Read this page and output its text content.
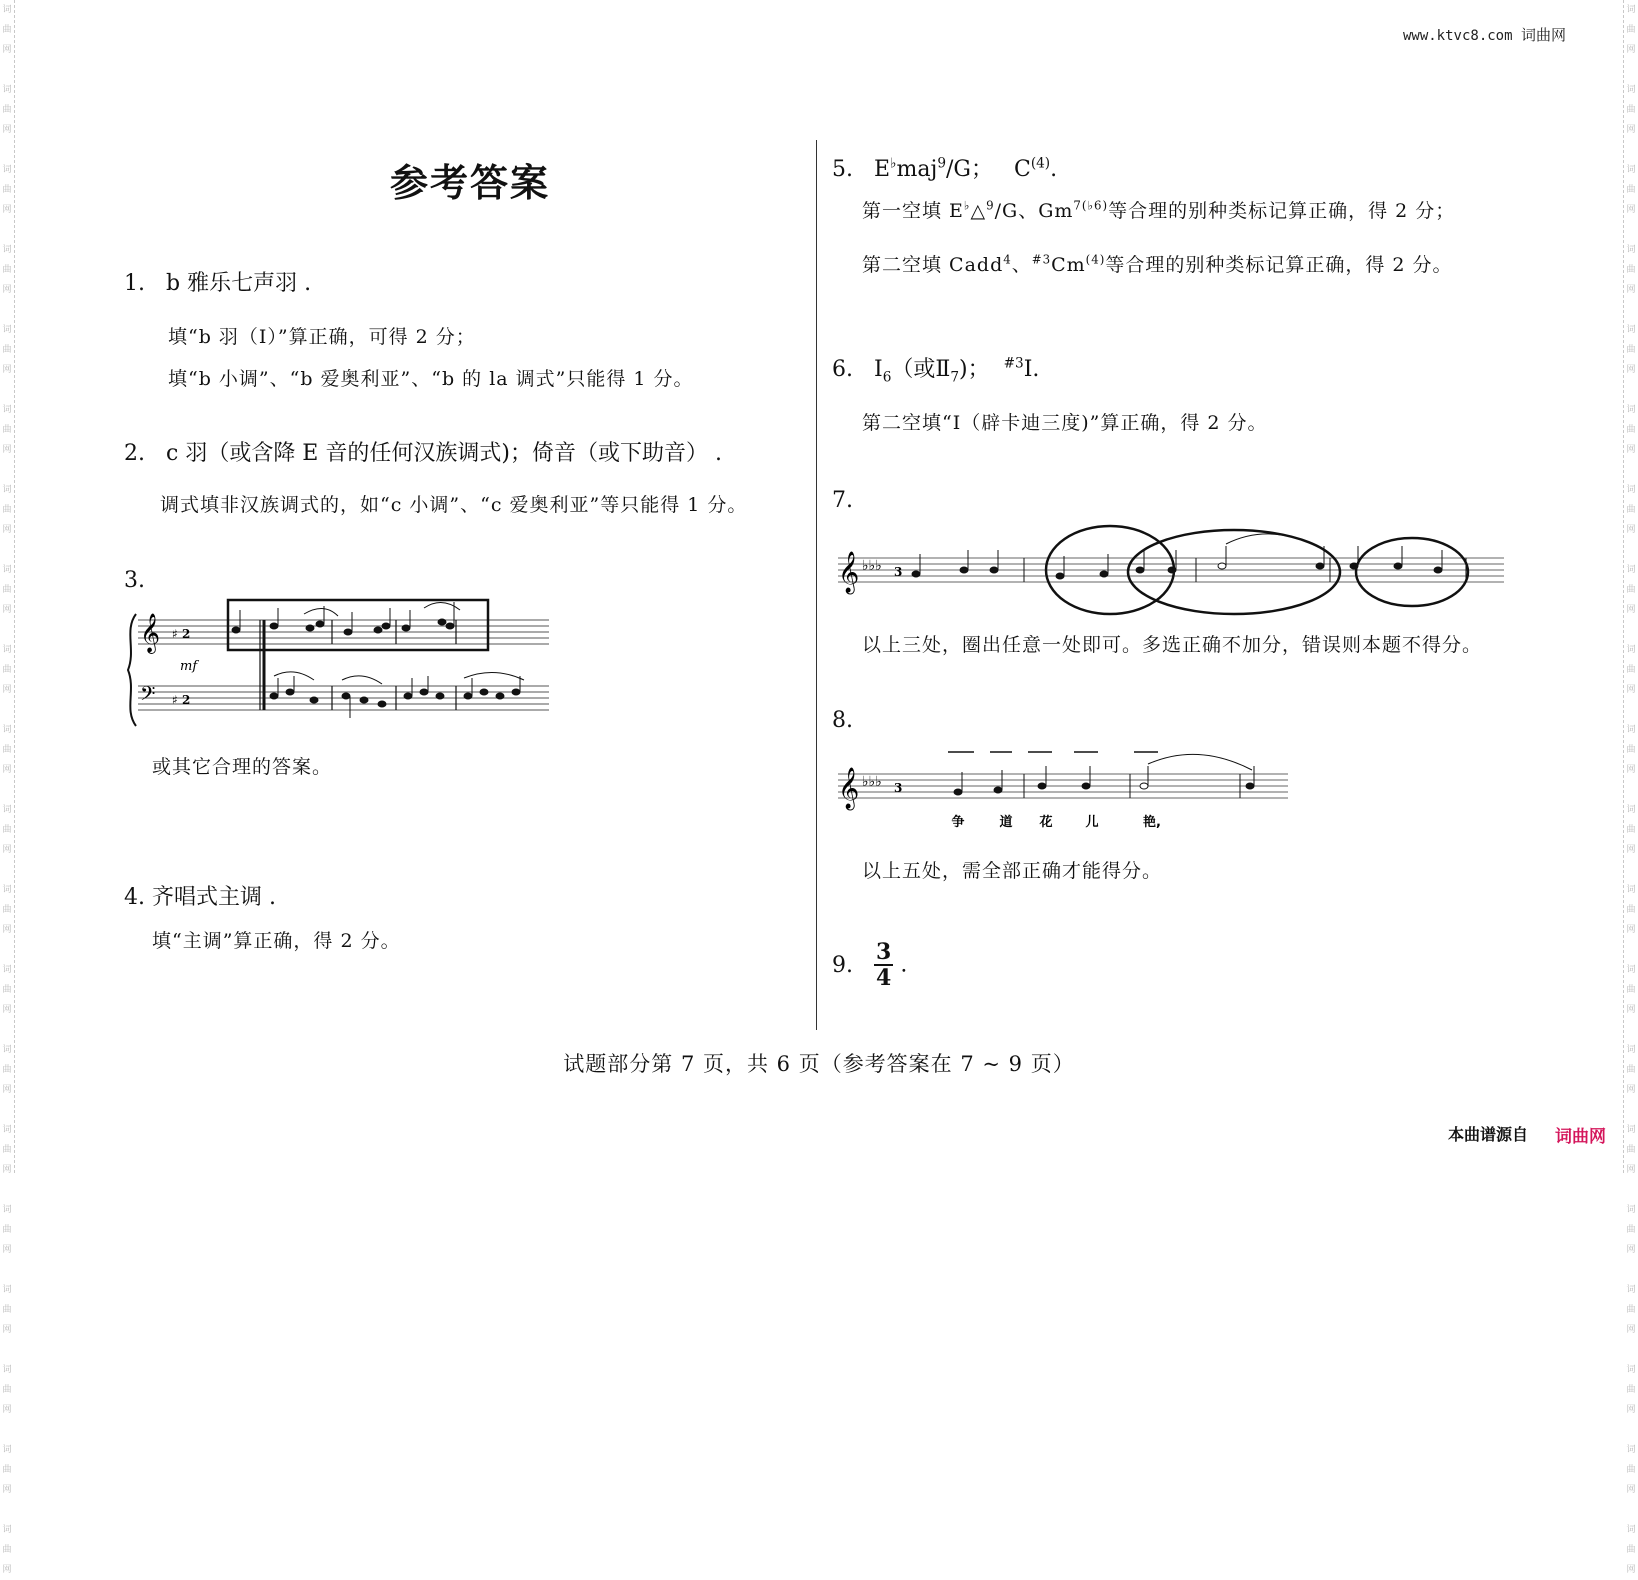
词
曲
网

词
曲
网

词
曲
网

词
曲
网

词
曲
网

词
曲
网

词
曲
网

词
曲
网

词
曲
网

词
曲
网

词
曲
网

词
曲
网

词
曲
网

词
曲
网

词
曲
网

词
曲
网

词
曲
网

词
曲
网

词
曲
网

词
曲
网

词
曲
网

词
曲
网

词
曲
网

词
曲
网

词
曲
网

词
曲
网

词
曲
网

词
曲
网

词
曲
网

词
曲
网

词
曲
网

词
曲
网

词
曲
网

词
曲
网

词
曲
网

词
曲
网

词
曲
网

词
曲
网

词
曲
网

词
曲
网

www.ktvc8.com 词曲网
参考答案
1. b 雅乐七声羽 .
填“b 羽（Ⅰ）”算正确，可得 2 分；
填“b 小调”、“b 爱奥利亚”、“b 的 la 调式”只能得 1 分。
2. c 羽（或含降 E 音的任何汉族调式)；倚音（或下助音） .
调式填非汉族调式的，如“c 小调”、“c 爱奥利亚”等只能得 1 分。
3.
𝄞
𝄢
♯ 2
♯ 2
mf
或其它合理的答案。
4. 齐唱式主调 .
填“主调”算正确，得 2 分。
5. E♭maj$^9$/G； $C^{(4)}$.
第一空填 E♭△$^9$/G、$Gm^{7(♭6)}$等合理的别种类标记算正确，得 2 分；
第二空填 Cadd$^4$、$^{\#3}$Cm$^{(4)}$等合理的别种类标记算正确，得 2 分。
6. $Ⅰ_6$（或$Ⅱ_7$)； $^{\#3}$Ⅰ.
第二空填“Ⅰ（辟卡迪三度)”算正确，得 2 分。
7.
𝄞 ♭♭♭ 3
以上三处，圈出任意一处即可。多选正确不加分，错误则本题不得分。
8.
𝄞 ♭♭♭ 3
争	道 花	儿	艳,
以上五处，需全部正确才能得分。
9. $\frac{3}{4}$ .
试题部分第 7 页，共 6 页（参考答案在 7 ~ 9 页）
本曲谱源自 词曲网
